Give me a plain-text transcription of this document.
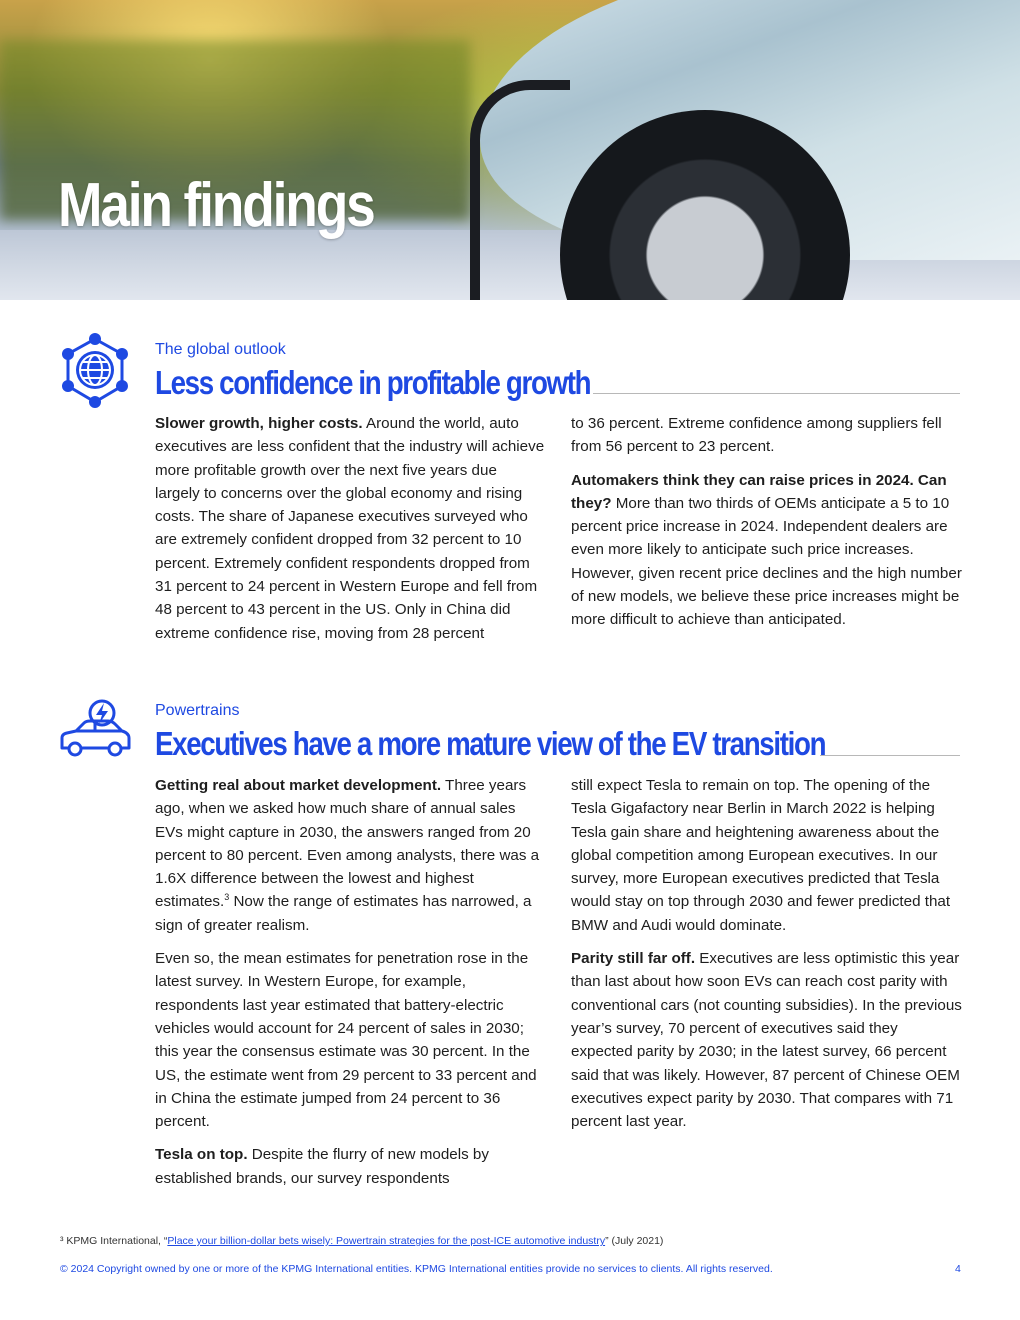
Main findings

The global outlook

Less confidence in profitable growth

Slower growth, higher costs. Around the world, auto executives are less confident that the industry will achieve more profitable growth over the next five years due largely to concerns over the global economy and rising costs. The share of Japanese executives surveyed who are extremely confident dropped from 32 percent to 10 percent. Extremely confident respondents dropped from 31 percent to 24 percent in Western Europe and fell from 48 percent to 43 percent in the US. Only in China did extreme confidence rise, moving from 28 percent

to 36 percent. Extreme confidence among suppliers fell from 56 percent to 23 percent.

Automakers think they can raise prices in 2024. Can they? More than two thirds of OEMs anticipate a 5 to 10 percent price increase in 2024. Independent dealers are even more likely to anticipate such price increases. However, given recent price declines and the high number of new models, we believe these price increases might be more difficult to achieve than anticipated.

Powertrains

Executives have a more mature view of the EV transition

Getting real about market development. Three years ago, when we asked how much share of annual sales EVs might capture in 2030, the answers ranged from 20 percent to 80 percent. Even among analysts, there was a 1.6X difference between the lowest and highest estimates.$^3$ Now the range of estimates has narrowed, a sign of greater realism.

Even so, the mean estimates for penetration rose in the latest survey. In Western Europe, for example, respondents last year estimated that battery-electric vehicles would account for 24 percent of sales in 2030; this year the consensus estimate was 30 percent. In the US, the estimate went from 29 percent to 33 percent and in China the estimate jumped from 24 percent to 36 percent.

Tesla on top. Despite the flurry of new models by established brands, our survey respondents

still expect Tesla to remain on top. The opening of the Tesla Gigafactory near Berlin in March 2022 is helping Tesla gain share and heightening awareness about the global competition among European executives. In our survey, more European executives predicted that Tesla would stay on top through 2030 and fewer predicted that BMW and Audi would dominate.

Parity still far off. Executives are less optimistic this year than last about how soon EVs can reach cost parity with conventional cars (not counting subsidies). In the previous year’s survey, 70 percent of executives said they expected parity by 2030; in the latest survey, 66 percent said that was likely. However, 87 percent of Chinese OEM executives expect parity by 2030. That compares with 71 percent last year.

³ KPMG International, “Place your billion-dollar bets wisely: Powertrain strategies for the post-ICE automotive industry” (July 2021)
© 2024 Copyright owned by one or more of the KPMG International entities. KPMG International entities provide no services to clients. All rights reserved.	4
